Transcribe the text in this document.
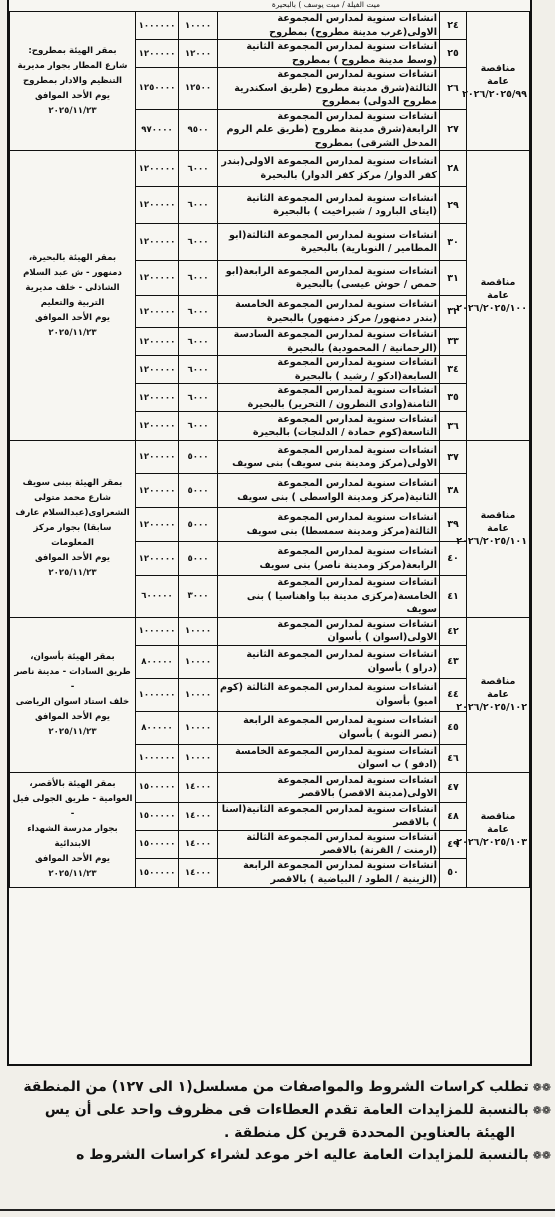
ميت الفيلة / ميت يوسف ) بالبحيرة
مناقصة عامة ٢٠٢٦/٢٠٢٥/٩٩	٢٤	انشاءات سنوية لمدارس المجموعة الاولى(غرب مدينة مطروح) بمطروح	١٠٠٠٠	١٠٠٠٠٠٠	بمقر الهيئة بمطروح:
شارع المطار بجوار مديرية
التنظيم والادار بمطروح
يوم الأحد الموافق ٢٠٢٥/١١/٢٣

	٢٥	انشاءات سنوية لمدارس المجموعة الثانية (وسط مدينة مطروح ) بمطروح	١٢٠٠٠	١٢٠٠٠٠٠	
	٢٦	انشاءات سنوية لمدارس المجموعة الثالثة(شرق مدينة مطروح (طريق اسكندرية مطروح الدولى) بمطروح	١٢٥٠٠	١٢٥٠٠٠٠	
	٢٧	انشاءات سنوية لمدارس المجموعة الرابعة(شرق مدينة مطروح (طريق علم الروم المدخل الشرقى) بمطروح	٩٥٠٠	٩٧٠٠٠٠	
مناقصة عامة ٢٠٢٦/٢٠٢٥/١٠٠	٢٨	انشاءات سنوية لمدارس المجموعة الاولى(بندر كفر الدوار/ مركز كفر الدوار) بالبحيرة	٦٠٠٠	١٢٠٠٠٠٠	بمقر الهيئة بالبحيرة،
دمنهور - ش عبد السلام
الشاذلى - خلف مديرية
التربية والتعليم
يوم الأحد الموافق ٢٠٢٥/١١/٢٣

	٢٩	انشاءات سنوية لمدارس المجموعة الثانية (ايتاى البارود / شبراخيت ) بالبحيرة	٦٠٠٠	١٢٠٠٠٠٠	
	٣٠	انشاءات سنوية لمدارس المجموعة الثالثة(ابو المطامير / النوبارية) بالبحيرة	٦٠٠٠	١٢٠٠٠٠٠	
	٣١	انشاءات سنوية لمدارس المجموعة الرابعة(ابو حمص / حوش عيسى) بالبحيرة	٦٠٠٠	١٢٠٠٠٠٠	
	٣٢	انشاءات سنوية لمدارس المجموعة الخامسة (بندر دمنهور/ مركز دمنهور) بالبحيرة	٦٠٠٠	١٢٠٠٠٠٠	
	٣٣	انشاءات سنوية لمدارس المجموعة السادسة (الرحمانية / المحمودية) بالبحيرة	٦٠٠٠	١٢٠٠٠٠٠	
	٣٤	انشاءات سنوية لمدارس المجموعة السابعة(ادكو / رشيد ) بالبحيرة	٦٠٠٠	١٢٠٠٠٠٠	
	٣٥	انشاءات سنوية لمدارس المجموعة الثامنة(وادى النطرون / التحرير) بالبحيرة	٦٠٠٠	١٢٠٠٠٠٠	
	٣٦	انشاءات سنوية لمدارس المجموعة التاسعة(كوم حمادة / الدلنجات) بالبحيرة	٦٠٠٠	١٢٠٠٠٠٠	
مناقصة عامة ٢٠٢٦/٢٠٢٥/١٠١	٣٧	انشاءات سنوية لمدارس المجموعة الاولى(مركز ومدينة بنى سويف) بنى سويف	٥٠٠٠	١٢٠٠٠٠٠	بمقر الهيئة ببنى سويف
شارع محمد متولى
الشعراوى(عبدالسلام عارف
سابقا) بجوار مركز المعلومات
يوم الأحد الموافق ٢٠٢٥/١١/٢٣

	٣٨	انشاءات سنوية لمدارس المجموعة الثانية(مركز ومدينة الواسطى ) بنى سويف	٥٠٠٠	١٢٠٠٠٠٠	
	٣٩	انشاءات سنوية لمدارس المجموعة الثالثة(مركز ومدينة سمسطا) بنى سويف	٥٠٠٠	١٢٠٠٠٠٠	
	٤٠	انشاءات سنوية لمدارس المجموعة الرابعة(مركز ومدينة ناصر) بنى سويف	٥٠٠٠	١٢٠٠٠٠٠	
	٤١	انشاءات سنوية لمدارس المجموعة الخامسة(مركزى مدينة ببا واهناسيا ) بنى سويف	٣٠٠٠	٦٠٠٠٠٠	
مناقصة عامة ٢٠٢٦/٢٠٢٥/١٠٢	٤٢	انشاءات سنوية لمدارس المجموعة الاولى(اسوان ) بأسوان	١٠٠٠٠	١٠٠٠٠٠٠	بمقر الهيئة بأسوان،
طريق السادات - مدينة ناصر -
خلف استاد اسوان الرياضى
يوم الأحد الموافق ٢٠٢٥/١١/٢٣

	٤٣	انشاءات سنوية لمدارس المجموعة الثانية (دراو ) بأسوان	١٠٠٠٠	٨٠٠٠٠٠	
	٤٤	انشاءات سنوية لمدارس المجموعة الثالثة (كوم امبو) بأسوان	١٠٠٠٠	١٠٠٠٠٠٠	
	٤٥	انشاءات سنوية لمدارس المجموعة الرابعة (نصر النوبة ) بأسوان	١٠٠٠٠	٨٠٠٠٠٠	
	٤٦	انشاءات سنوية لمدارس المجموعة الخامسة (ادفو ) ب اسوان	١٠٠٠٠	١٠٠٠٠٠٠	
مناقصة عامة ٢٠٢٦/٢٠٢٥/١٠٣	٤٧	انشاءات سنوية لمدارس المجموعة الاولى(مدينة الاقصر) بالاقصر	١٤٠٠٠	١٥٠٠٠٠٠	بمقر الهيئة بالأقصر،
العوامية - طريق الجولى فيل -
بجوار مدرسة الشهداء الابتدائية
يوم الأحد الموافق ٢٠٢٥/١١/٢٣

	٤٨	انشاءات سنوية لمدارس المجموعة الثانية(اسنا ) بالاقصر	١٤٠٠٠	١٥٠٠٠٠٠	
	٤٩	انشاءات سنوية لمدارس المجموعة الثالثة (ارمنت / القرنة) بالاقصر	١٤٠٠٠	١٥٠٠٠٠٠	
	٥٠	انشاءات سنوية لمدارس المجموعة الرابعة (الزينية / الطود / البياضية ) بالاقصر	١٤٠٠٠	١٥٠٠٠٠٠	
❁❁ تطلب كراسات الشروط والمواصفات من مسلسل(١ الى ١٢٧) من المنطقة
❁❁ بالنسبة للمزايدات العامة تقدم العطاءات فى مظروف واحد على أن يس
الهيئة بالعناوين المحددة قرين كل منطقة .
❁❁ بالنسبة للمزايدات العامة عاليه اخر موعد لشراء كراسات الشروط ه
